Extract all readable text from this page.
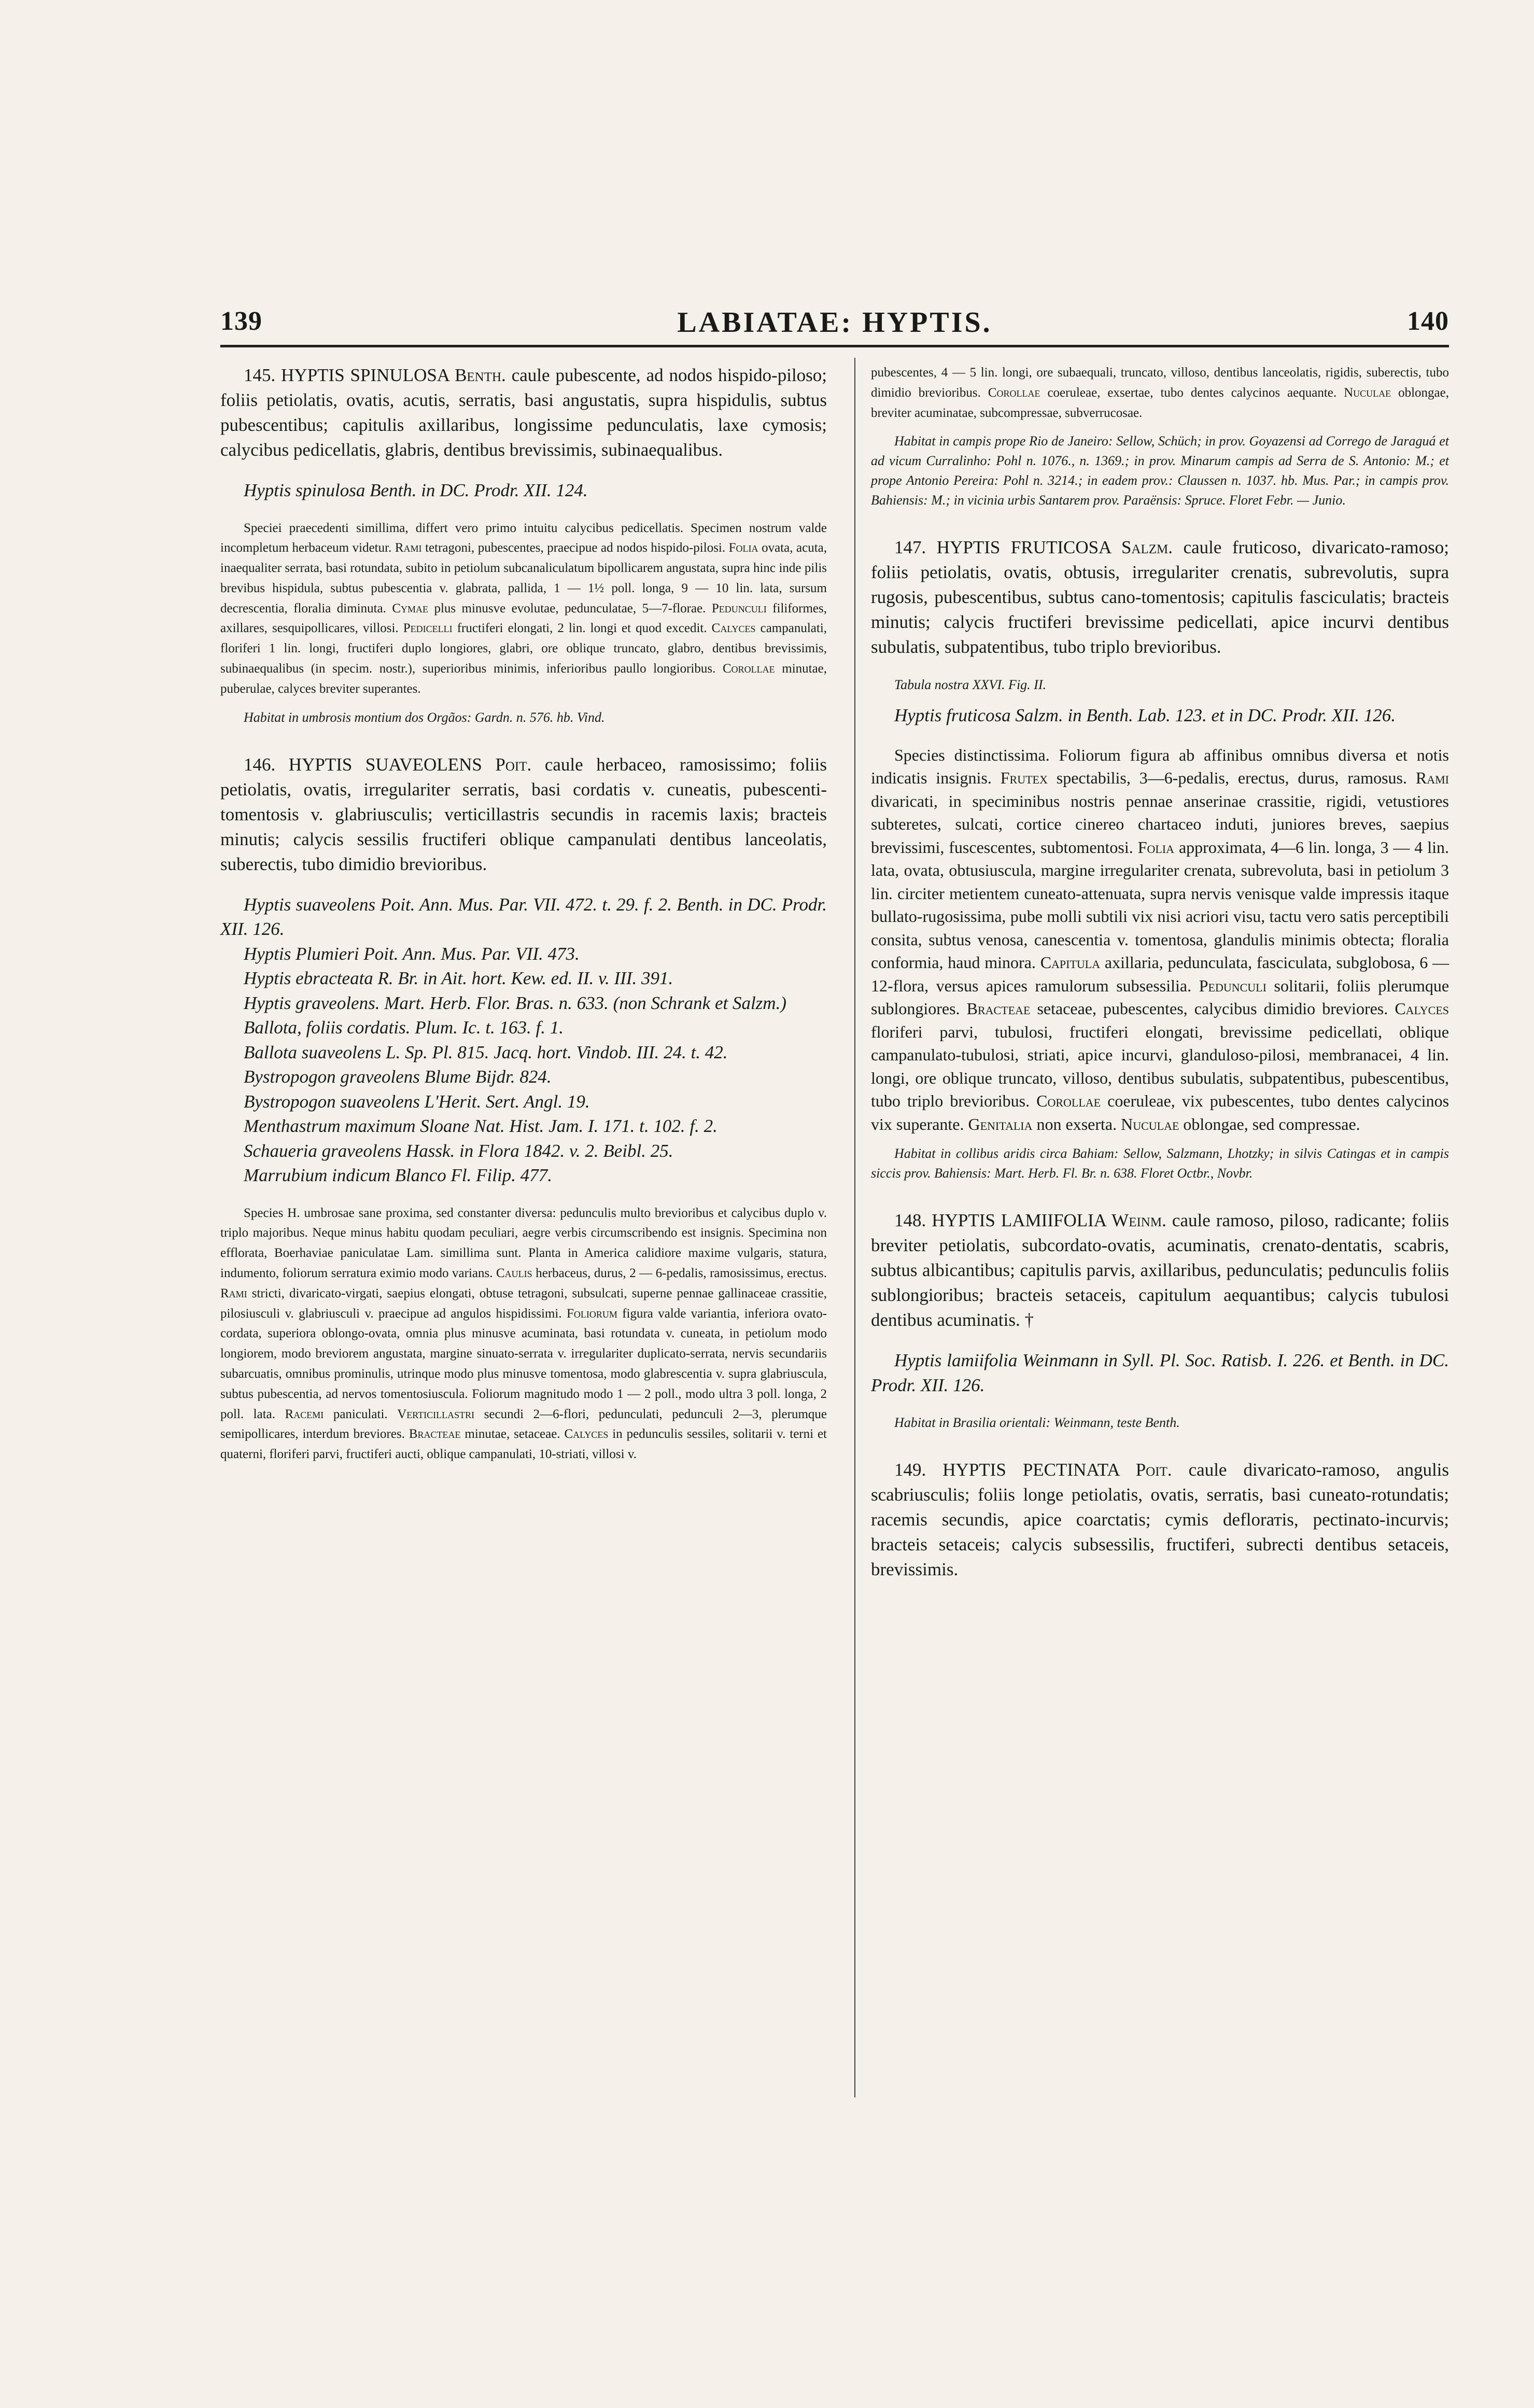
139	LABIATAE: HYPTIS.	140

145. HYPTIS SPINULOSA Benth. caule pubescente, ad nodos hispido-piloso; foliis petiolatis, ovatis, acutis, serratis, basi angustatis, supra hispidulis, subtus pubescentibus; capitulis axillaribus, longissime pedunculatis, laxe cymosis; calycibus pedicellatis, glabris, dentibus brevissimis, subinaequalibus.

Hyptis spinulosa Benth. in DC. Prodr. XII. 124.

Speciei praecedenti simillima, differt vero primo intuitu calycibus pedicellatis. Specimen nostrum valde incompletum herbaceum videtur. Rami tetragoni, pubescentes, praecipue ad nodos hispido-pilosi. Folia ovata, acuta, inaequaliter serrata, basi rotundata, subito in petiolum subcanaliculatum bipollicarem angustata, supra hinc inde pilis brevibus hispidula, subtus pubescentia v. glabrata, pallida, 1 — 1½ poll. longa, 9 — 10 lin. lata, sursum decrescentia, floralia diminuta. Cymae plus minusve evolutae, pedunculatae, 5—7-florae. Pedunculi filiformes, axillares, sesquipollicares, villosi. Pedicelli fructiferi elongati, 2 lin. longi et quod excedit. Calyces campanulati, floriferi 1 lin. longi, fructiferi duplo longiores, glabri, ore oblique truncato, glabro, dentibus brevissimis, subinaequalibus (in specim. nostr.), superioribus minimis, inferioribus paullo longioribus. Corollae minutae, puberulae, calyces breviter superantes.

Habitat in umbrosis montium dos Orgãos: Gardn. n. 576. hb. Vind.

146. HYPTIS SUAVEOLENS Poit. caule herbaceo, ramosissimo; foliis petiolatis, ovatis, irregulariter serratis, basi cordatis v. cuneatis, pubescenti-tomentosis v. glabriusculis; verticillastris secundis in racemis laxis; bracteis minutis; calycis sessilis fructiferi oblique campanulati dentibus lanceolatis, suberectis, tubo dimidio brevioribus.

Hyptis suaveolens Poit. Ann. Mus. Par. VII. 472. t. 29. f. 2. Benth. in DC. Prodr. XII. 126.

Hyptis Plumieri Poit. Ann. Mus. Par. VII. 473.

Hyptis ebracteata R. Br. in Ait. hort. Kew. ed. II. v. III. 391.

Hyptis graveolens. Mart. Herb. Flor. Bras. n. 633. (non Schrank et Salzm.)

Ballota, foliis cordatis. Plum. Ic. t. 163. f. 1.

Ballota suaveolens L. Sp. Pl. 815. Jacq. hort. Vindob. III. 24. t. 42.

Bystropogon graveolens Blume Bijdr. 824.

Bystropogon suaveolens L'Herit. Sert. Angl. 19.

Menthastrum maximum Sloane Nat. Hist. Jam. I. 171. t. 102. f. 2.

Schaueria graveolens Hassk. in Flora 1842. v. 2. Beibl. 25.

Marrubium indicum Blanco Fl. Filip. 477.

Species H. umbrosae sane proxima, sed constanter diversa: pedunculis multo brevioribus et calycibus duplo v. triplo majoribus. Neque minus habitu quodam peculiari, aegre verbis circumscribendo est insignis. Specimina non efflorata, Boerhaviae paniculatae Lam. simillima sunt. Planta in America calidiore maxime vulgaris, statura, indumento, foliorum serratura eximio modo varians. Caulis herbaceus, durus, 2 — 6-pedalis, ramosissimus, erectus. Rami stricti, divaricato-virgati, saepius elongati, obtuse tetragoni, subsulcati, superne pennae gallinaceae crassitie, pilosiusculi v. glabriusculi v. praecipue ad angulos hispidissimi. Foliorum figura valde variantia, inferiora ovato-cordata, superiora oblongo-ovata, omnia plus minusve acuminata, basi rotundata v. cuneata, in petiolum modo longiorem, modo breviorem angustata, margine sinuato-serrata v. irregulariter duplicato-serrata, nervis secundariis subarcuatis, omnibus prominulis, utrinque modo plus minusve tomentosa, modo glabrescentia v. supra glabriuscula, subtus pubescentia, ad nervos tomentosiuscula. Foliorum magnitudo modo 1 — 2 poll., modo ultra 3 poll. longa, 2 poll. lata. Racemi paniculati. Verticillastri secundi 2—6-flori, pedunculati, pedunculi 2—3, plerumque semipollicares, interdum breviores. Bracteae minutae, setaceae. Calyces in pedunculis sessiles, solitarii v. terni et quaterni, floriferi parvi, fructiferi aucti, oblique campanulati, 10-striati, villosi v.

pubescentes, 4 — 5 lin. longi, ore subaequali, truncato, villoso, dentibus lanceolatis, rigidis, suberectis, tubo dimidio brevioribus. Corollae coeruleae, exsertae, tubo dentes calycinos aequante. Nuculae oblongae, breviter acuminatae, subcompressae, subverrucosae.

Habitat in campis prope Rio de Janeiro: Sellow, Schüch; in prov. Goyazensi ad Corrego de Jaraguá et ad vicum Curralinho: Pohl n. 1076., n. 1369.; in prov. Minarum campis ad Serra de S. Antonio: M.; et prope Antonio Pereira: Pohl n. 3214.; in eadem prov.: Claussen n. 1037. hb. Mus. Par.; in campis prov. Bahiensis: M.; in vicinia urbis Santarem prov. Paraënsis: Spruce. Floret Febr. — Junio.

147. HYPTIS FRUTICOSA Salzm. caule fruticoso, divaricato-ramoso; foliis petiolatis, ovatis, obtusis, irregulariter crenatis, subrevolutis, supra rugosis, pubescentibus, subtus cano-tomentosis; capitulis fasciculatis; bracteis minutis; calycis fructiferi brevissime pedicellati, apice incurvi dentibus subulatis, subpatentibus, tubo triplo brevioribus.

Tabula nostra XXVI. Fig. II.

Hyptis fruticosa Salzm. in Benth. Lab. 123. et in DC. Prodr. XII. 126.

Species distinctissima. Foliorum figura ab affinibus omnibus diversa et notis indicatis insignis. Frutex spectabilis, 3—6-pedalis, erectus, durus, ramosus. Rami divaricati, in speciminibus nostris pennae anserinae crassitie, rigidi, vetustiores subteretes, sulcati, cortice cinereo chartaceo induti, juniores breves, saepius brevissimi, fuscescentes, subtomentosi. Folia approximata, 4—6 lin. longa, 3 — 4 lin. lata, ovata, obtusiuscula, margine irregulariter crenata, subrevoluta, basi in petiolum 3 lin. circiter metientem cuneato-attenuata, supra nervis venisque valde impressis itaque bullato-rugosissima, pube molli subtili vix nisi acriori visu, tactu vero satis perceptibili consita, subtus venosa, canescentia v. tomentosa, glandulis minimis obtecta; floralia conformia, haud minora. Capitula axillaria, pedunculata, fasciculata, subglobosa, 6 — 12-flora, versus apices ramulorum subsessilia. Pedunculi solitarii, foliis plerumque sublongiores. Bracteae setaceae, pubescentes, calycibus dimidio breviores. Calyces floriferi parvi, tubulosi, fructiferi elongati, brevissime pedicellati, oblique campanulato-tubulosi, striati, apice incurvi, glanduloso-pilosi, membranacei, 4 lin. longi, ore oblique truncato, villoso, dentibus subulatis, subpatentibus, pubescentibus, tubo triplo brevioribus. Corollae coeruleae, vix pubescentes, tubo dentes calycinos vix superante. Genitalia non exserta. Nuculae oblongae, sed compressae.

Habitat in collibus aridis circa Bahiam: Sellow, Salzmann, Lhotzky; in silvis Catingas et in campis siccis prov. Bahiensis: Mart. Herb. Fl. Br. n. 638. Floret Octbr., Novbr.

148. HYPTIS LAMIIFOLIA Weinm. caule ramoso, piloso, radicante; foliis breviter petiolatis, subcordato-ovatis, acuminatis, crenato-dentatis, scabris, subtus albicantibus; capitulis parvis, axillaribus, pedunculatis; pedunculis foliis sublongioribus; bracteis setaceis, capitulum aequantibus; calycis tubulosi dentibus acuminatis. †

Hyptis lamiifolia Weinmann in Syll. Pl. Soc. Ratisb. I. 226. et Benth. in DC. Prodr. XII. 126.

Habitat in Brasilia orientali: Weinmann, teste Benth.

149. HYPTIS PECTINATA Poit. caule divaricato-ramoso, angulis scabriusculis; foliis longe petiolatis, ovatis, serratis, basi cuneato-rotundatis; racemis secundis, apice coarctatis; cymis deflorатis, pectinato-incurvis; bracteis setaceis; calycis subsessilis, fructiferi, subrecti dentibus setaceis, brevissimis.
